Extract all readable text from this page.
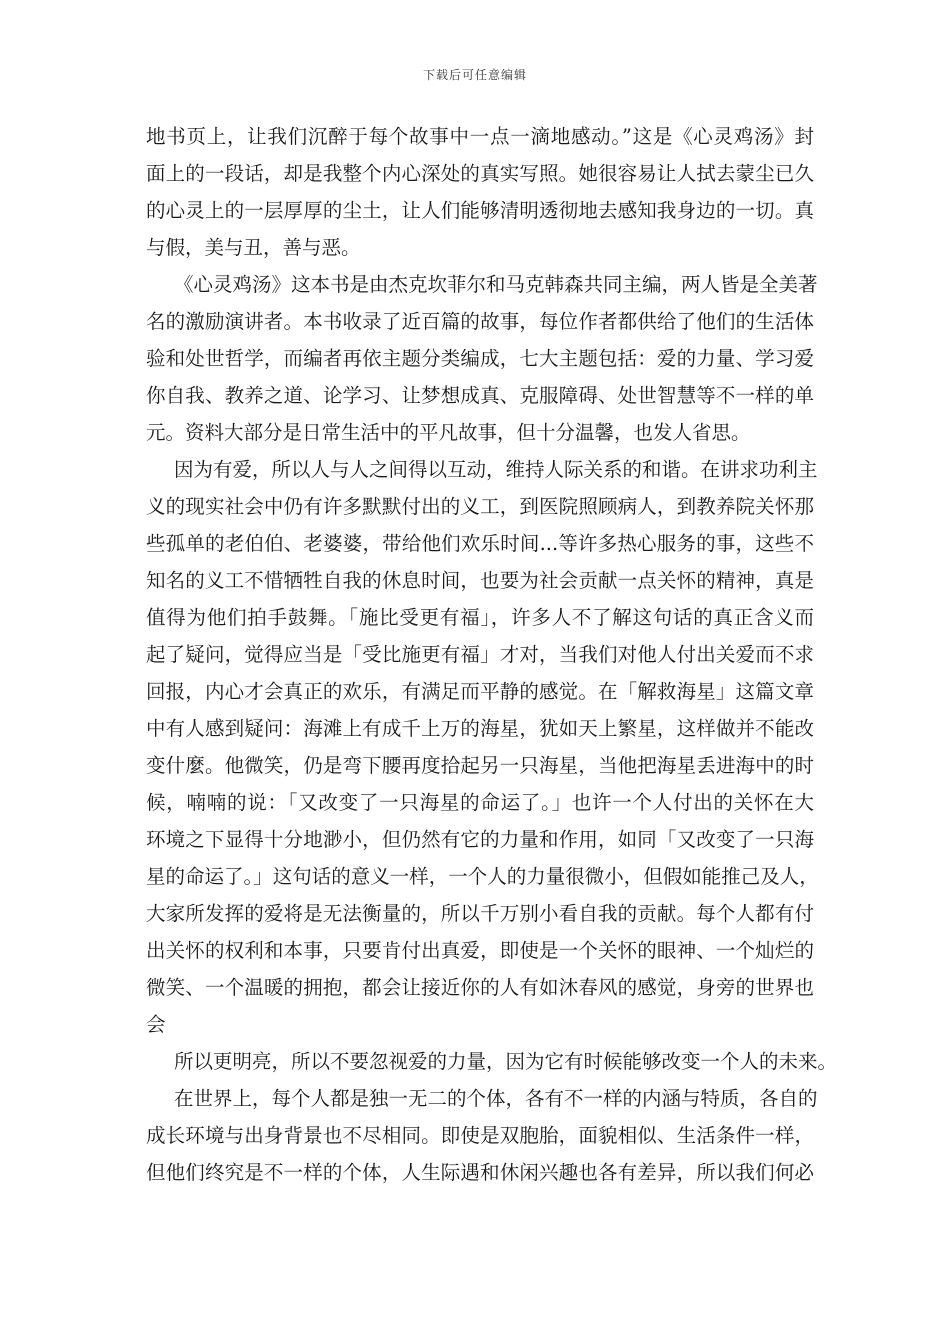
下载后可任意编辑
地书页上，让我们沉醉于每个故事中一点一滴地感动。”这是《心灵鸡汤》封
面上的一段话，却是我整个内心深处的真实写照。她很容易让人拭去蒙尘已久
的心灵上的一层厚厚的尘土，让人们能够清明透彻地去感知我身边的一切。真
与假，美与丑，善与恶。
《心灵鸡汤》这本书是由杰克坎菲尔和马克韩森共同主编，两人皆是全美著
名的激励演讲者。本书收录了近百篇的故事，每位作者都供给了他们的生活体
验和处世哲学，而编者再依主题分类编成，七大主题包括：爱的力量、学习爱
你自我、教养之道、论学习、让梦想成真、克服障碍、处世智慧等不一样的单
元。资料大部分是日常生活中的平凡故事，但十分温馨，也发人省思。
因为有爱，所以人与人之间得以互动，维持人际关系的和谐。在讲求功利主
义的现实社会中仍有许多默默付出的义工，到医院照顾病人，到教养院关怀那
些孤单的老伯伯、老婆婆，带给他们欢乐时间...等许多热心服务的事，这些不
知名的义工不惜牺牲自我的休息时间，也要为社会贡献一点关怀的精神，真是
值得为他们拍手鼓舞。「施比受更有福」，许多人不了解这句话的真正含义而
起了疑问，觉得应当是「受比施更有福」才对，当我们对他人付出关爱而不求
回报，内心才会真正的欢乐，有满足而平静的感觉。在「解救海星」这篇文章
中有人感到疑问：海滩上有成千上万的海星，犹如天上繁星，这样做并不能改
变什麼。他微笑，仍是弯下腰再度拾起另一只海星，当他把海星丢进海中的时
候，喃喃的说：「又改变了一只海星的命运了。」也许一个人付出的关怀在大
环境之下显得十分地渺小，但仍然有它的力量和作用，如同「又改变了一只海
星的命运了。」这句话的意义一样，一个人的力量很微小，但假如能推己及人，
大家所发挥的爱将是无法衡量的，所以千万别小看自我的贡献。每个人都有付
出关怀的权利和本事，只要肯付出真爱，即使是一个关怀的眼神、一个灿烂的
微笑、一个温暖的拥抱，都会让接近你的人有如沐春风的感觉，身旁的世界也
会
所以更明亮，所以不要忽视爱的力量，因为它有时候能够改变一个人的未来。
在世界上，每个人都是独一无二的个体，各有不一样的内涵与特质，各自的
成长环境与出身背景也不尽相同。即使是双胞胎，面貌相似、生活条件一样，
但他们终究是不一样的个体，人生际遇和休闲兴趣也各有差异，所以我们何必
